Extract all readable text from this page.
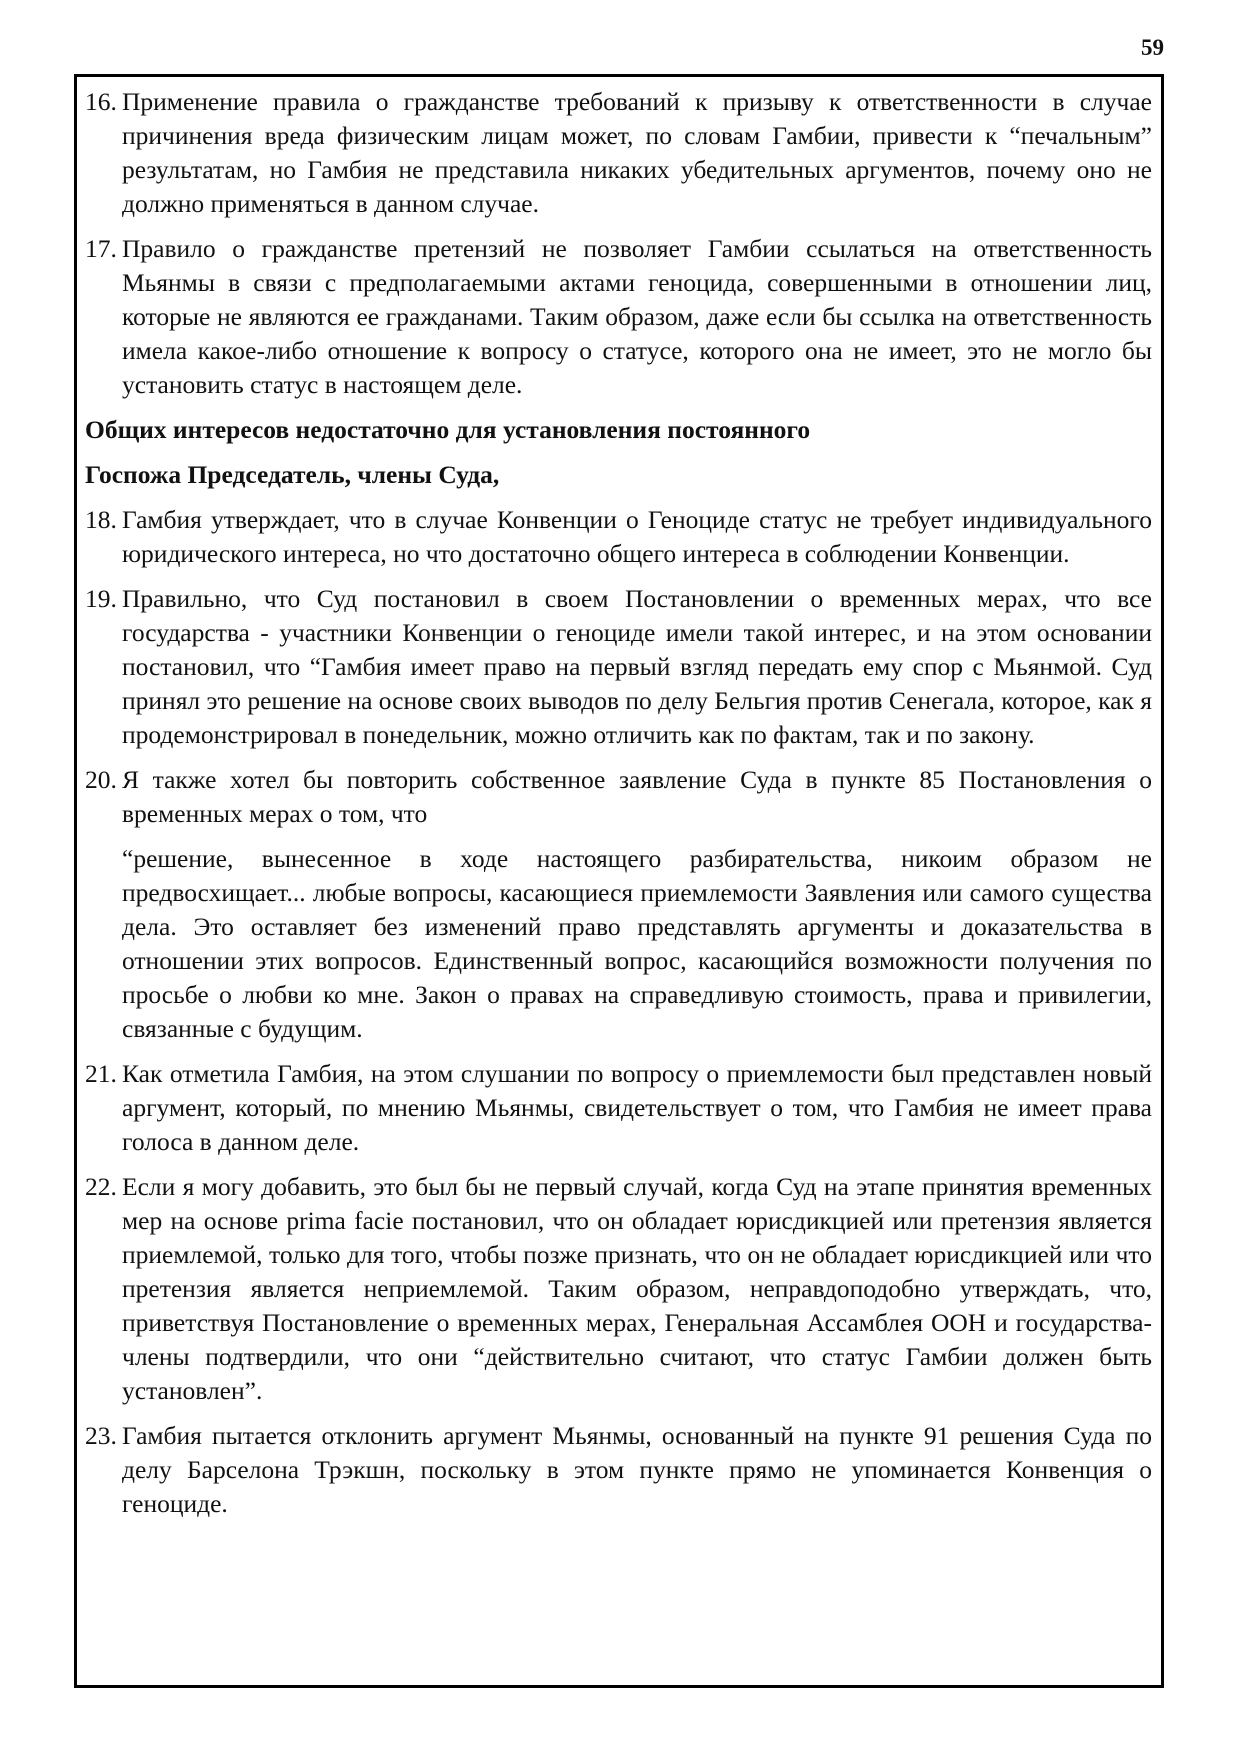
59
16. Применение правила о гражданстве требований к призыву к ответственности в случае причинения вреда физическим лицам может, по словам Гамбии, привести к “печальным” результатам, но Гамбия не представила никаких убедительных аргументов, почему оно не должно применяться в данном случае.
17. Правило о гражданстве претензий не позволяет Гамбии ссылаться на ответственность Мьянмы в связи с предполагаемыми актами геноцида, совершенными в отношении лиц, которые не являются ее гражданами. Таким образом, даже если бы ссылка на ответственность имела какое-либо отношение к вопросу о статусе, которого она не имеет, это не могло бы установить статус в настоящем деле.
Общих интересов недостаточно для установления постоянного
Госпожа Председатель, члены Суда,
18. Гамбия утверждает, что в случае Конвенции о Геноциде статус не требует индивидуального юридического интереса, но что достаточно общего интереса в соблюдении Конвенции.
19. Правильно, что Суд постановил в своем Постановлении о временных мерах, что все государства - участники Конвенции о геноциде имели такой интерес, и на этом основании постановил, что “Гамбия имеет право на первый взгляд передать ему спор с Мьянмой. Суд принял это решение на основе своих выводов по делу Бельгия против Сенегала, которое, как я продемонстрировал в понедельник, можно отличить как по фактам, так и по закону.
20. Я также хотел бы повторить собственное заявление Суда в пункте 85 Постановления о временных мерах о том, что
“решение, вынесенное в ходе настоящего разбирательства, никоим образом не предвосхищает... любые вопросы, касающиеся приемлемости Заявления или самого существа дела. Это оставляет без изменений право представлять аргументы и доказательства в отношении этих вопросов. Единственный вопрос, касающийся возможности получения по просьбе о любви ко мне. Закон о правах на справедливую стоимость, права и привилегии, связанные с будущим.
21. Как отметила Гамбия, на этом слушании по вопросу о приемлемости был представлен новый аргумент, который, по мнению Мьянмы, свидетельствует о том, что Гамбия не имеет права голоса в данном деле.
22. Если я могу добавить, это был бы не первый случай, когда Суд на этапе принятия временных мер на основе prima facie постановил, что он обладает юрисдикцией или претензия является приемлемой, только для того, чтобы позже признать, что он не обладает юрисдикцией или что претензия является неприемлемой. Таким образом, неправдоподобно утверждать, что, приветствуя Постановление о временных мерах, Генеральная Ассамблея ООН и государства-члены подтвердили, что они “действительно считают, что статус Гамбии должен быть установлен”.
23. Гамбия пытается отклонить аргумент Мьянмы, основанный на пункте 91 решения Суда по делу Барселона Трэкшн, поскольку в этом пункте прямо не упоминается Конвенция о геноциде.
